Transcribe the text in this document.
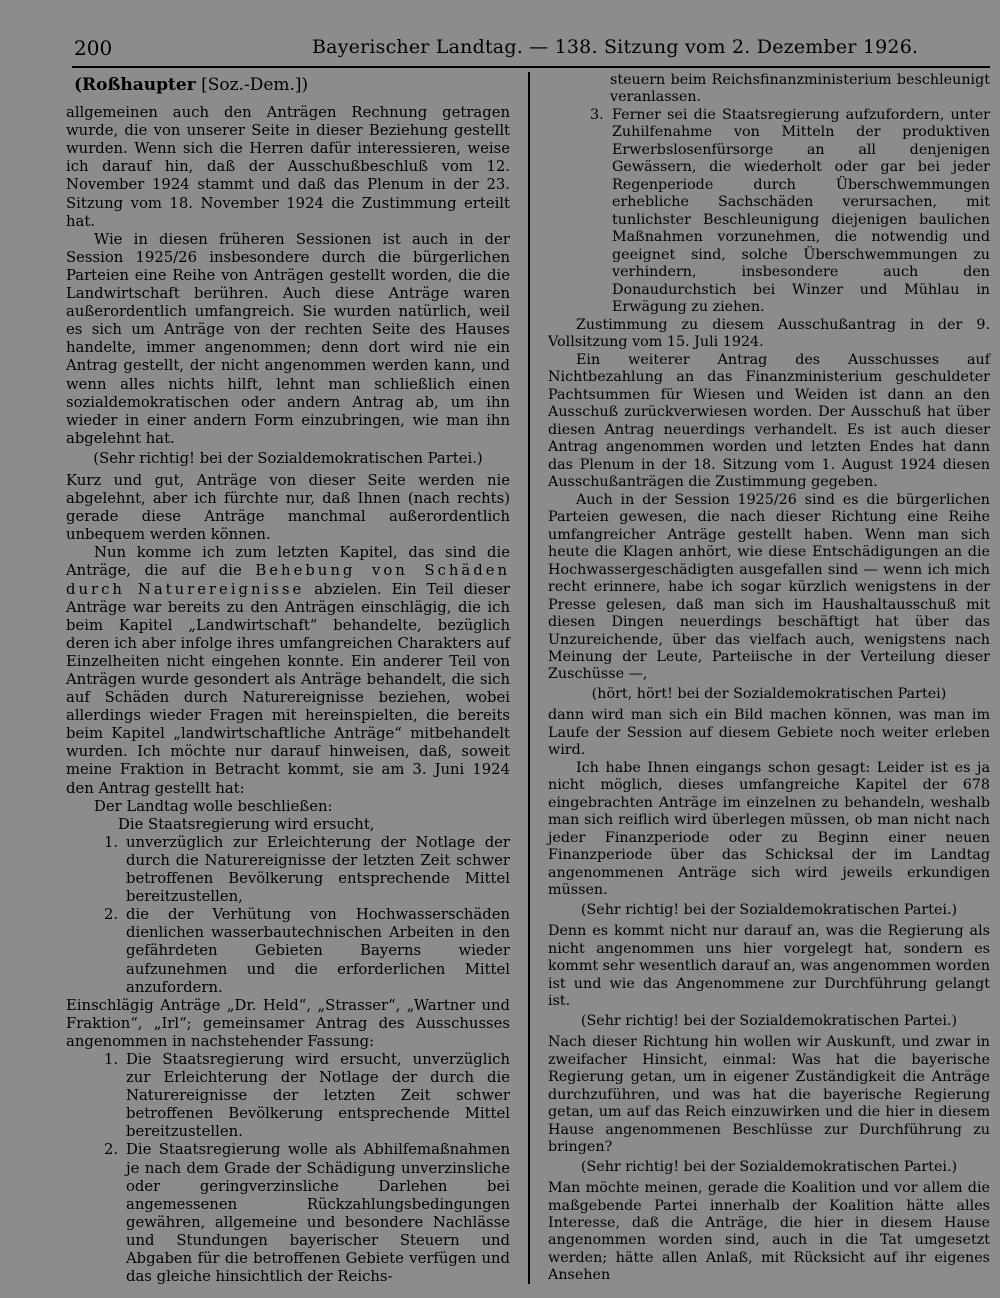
200	Bayerischer Landtag. — 138. Sitzung vom 2. Dezember 1926.

(Roßhaupter [Soz.-Dem.])

allgemeinen auch den Anträgen Rechnung getragen wurde, die von unserer Seite in dieser Beziehung gestellt wurden. Wenn sich die Herren dafür interessieren, weise ich darauf hin, daß der Ausschußbeschluß vom 12. November 1924 stammt und daß das Plenum in der 23. Sitzung vom 18. November 1924 die Zustimmung erteilt hat.

Wie in diesen früheren Sessionen ist auch in der Session 1925/26 insbesondere durch die bürgerlichen Parteien eine Reihe von Anträgen gestellt worden, die die Landwirtschaft berühren. Auch diese Anträge waren außerordentlich umfangreich. Sie wurden natürlich, weil es sich um Anträge von der rechten Seite des Hauses handelte, immer angenommen; denn dort wird nie ein Antrag gestellt, der nicht angenommen werden kann, und wenn alles nichts hilft, lehnt man schließlich einen sozialdemokratischen oder andern Antrag ab, um ihn wieder in einer andern Form einzubringen, wie man ihn abgelehnt hat.

(Sehr richtig! bei der Sozialdemokratischen Partei.)

Kurz und gut, Anträge von dieser Seite werden nie abgelehnt, aber ich fürchte nur, daß Ihnen (nach rechts) gerade diese Anträge manchmal außerordentlich unbequem werden können.

Nun komme ich zum letzten Kapitel, das sind die Anträge, die auf die Behebung von Schäden durch Naturereignisse abzielen. Ein Teil dieser Anträge war bereits zu den Anträgen einschlägig, die ich beim Kapitel „Landwirtschaft“ behandelte, bezüglich deren ich aber infolge ihres umfangreichen Charakters auf Einzelheiten nicht eingehen konnte. Ein anderer Teil von Anträgen wurde gesondert als Anträge behandelt, die sich auf Schäden durch Naturereignisse beziehen, wobei allerdings wieder Fragen mit hereinspielten, die bereits beim Kapitel „landwirtschaftliche Anträge“ mitbehandelt wurden. Ich möchte nur darauf hinweisen, daß, soweit meine Fraktion in Betracht kommt, sie am 3. Juni 1924 den Antrag gestellt hat:

Der Landtag wolle beschließen:

Die Staatsregierung wird ersucht,

1. unverzüglich zur Erleichterung der Notlage der durch die Naturereignisse der letzten Zeit schwer betroffenen Bevölkerung entsprechende Mittel bereitzustellen,
2. die der Verhütung von Hochwasserschäden dienlichen wasserbautechnischen Arbeiten in den gefährdeten Gebieten Bayerns wieder aufzunehmen und die erforderlichen Mittel anzufordern.

Einschlägig Anträge „Dr. Held“, „Strasser“, „Wartner und Fraktion“, „Irl“; gemeinsamer Antrag des Ausschusses angenommen in nachstehender Fassung:

1. Die Staatsregierung wird ersucht, unverzüglich zur Erleichterung der Notlage der durch die Naturereignisse der letzten Zeit schwer betroffenen Bevölkerung entsprechende Mittel bereitzustellen.
2. Die Staatsregierung wolle als Abhilfemaßnahmen je nach dem Grade der Schädigung unverzinsliche oder geringverzinsliche Darlehen bei angemessenen Rückzahlungsbedingungen gewähren, allgemeine und besondere Nachlässe und Stundungen bayerischer Steuern und Abgaben für die betroffenen Gebiete verfügen und das gleiche hinsichtlich der Reichs-

steuern beim Reichsfinanzministerium beschleunigt veranlassen.

3. Ferner sei die Staatsregierung aufzufordern, unter Zuhilfenahme von Mitteln der produktiven Erwerbslosenfürsorge an all denjenigen Gewässern, die wiederholt oder gar bei jeder Regenperiode durch Überschwemmungen erhebliche Sachschäden verursachen, mit tunlichster Beschleunigung diejenigen baulichen Maßnahmen vorzunehmen, die notwendig und geeignet sind, solche Überschwemmungen zu verhindern, insbesondere auch den Donaudurchstich bei Winzer und Mühlau in Erwägung zu ziehen.

Zustimmung zu diesem Ausschußantrag in der 9. Vollsitzung vom 15. Juli 1924.

Ein weiterer Antrag des Ausschusses auf Nichtbezahlung an das Finanzministerium geschuldeter Pachtsummen für Wiesen und Weiden ist dann an den Ausschuß zurückverwiesen worden. Der Ausschuß hat über diesen Antrag neuerdings verhandelt. Es ist auch dieser Antrag angenommen worden und letzten Endes hat dann das Plenum in der 18. Sitzung vom 1. August 1924 diesen Ausschußanträgen die Zustimmung gegeben.

Auch in der Session 1925/26 sind es die bürgerlichen Parteien gewesen, die nach dieser Richtung eine Reihe umfangreicher Anträge gestellt haben. Wenn man sich heute die Klagen anhört, wie diese Entschädigungen an die Hochwassergeschädigten ausgefallen sind — wenn ich mich recht erinnere, habe ich sogar kürzlich wenigstens in der Presse gelesen, daß man sich im Haushaltausschuß mit diesen Dingen neuerdings beschäftigt hat über das Unzureichende, über das vielfach auch, wenigstens nach Meinung der Leute, Parteiische in der Verteilung dieser Zuschüsse —,

(hört, hört! bei der Sozialdemokratischen Partei)

dann wird man sich ein Bild machen können, was man im Laufe der Session auf diesem Gebiete noch weiter erleben wird.

Ich habe Ihnen eingangs schon gesagt: Leider ist es ja nicht möglich, dieses umfangreiche Kapitel der 678 eingebrachten Anträge im einzelnen zu behandeln, weshalb man sich reiflich wird überlegen müssen, ob man nicht nach jeder Finanzperiode oder zu Beginn einer neuen Finanzperiode über das Schicksal der im Landtag angenommenen Anträge sich wird jeweils erkundigen müssen.

(Sehr richtig! bei der Sozialdemokratischen Partei.)

Denn es kommt nicht nur darauf an, was die Regierung als nicht angenommen uns hier vorgelegt hat, sondern es kommt sehr wesentlich darauf an, was angenommen worden ist und wie das Angenommene zur Durchführung gelangt ist.

(Sehr richtig! bei der Sozialdemokratischen Partei.)

Nach dieser Richtung hin wollen wir Auskunft, und zwar in zweifacher Hinsicht, einmal: Was hat die bayerische Regierung getan, um in eigener Zuständigkeit die Anträge durchzuführen, und was hat die bayerische Regierung getan, um auf das Reich einzuwirken und die hier in diesem Hause angenommenen Beschlüsse zur Durchführung zu bringen?

(Sehr richtig! bei der Sozialdemokratischen Partei.)

Man möchte meinen, gerade die Koalition und vor allem die maßgebende Partei innerhalb der Koalition hätte alles Interesse, daß die Anträge, die hier in diesem Hause angenommen worden sind, auch in die Tat umgesetzt werden; hätte allen Anlaß, mit Rücksicht auf ihr eigenes Ansehen
